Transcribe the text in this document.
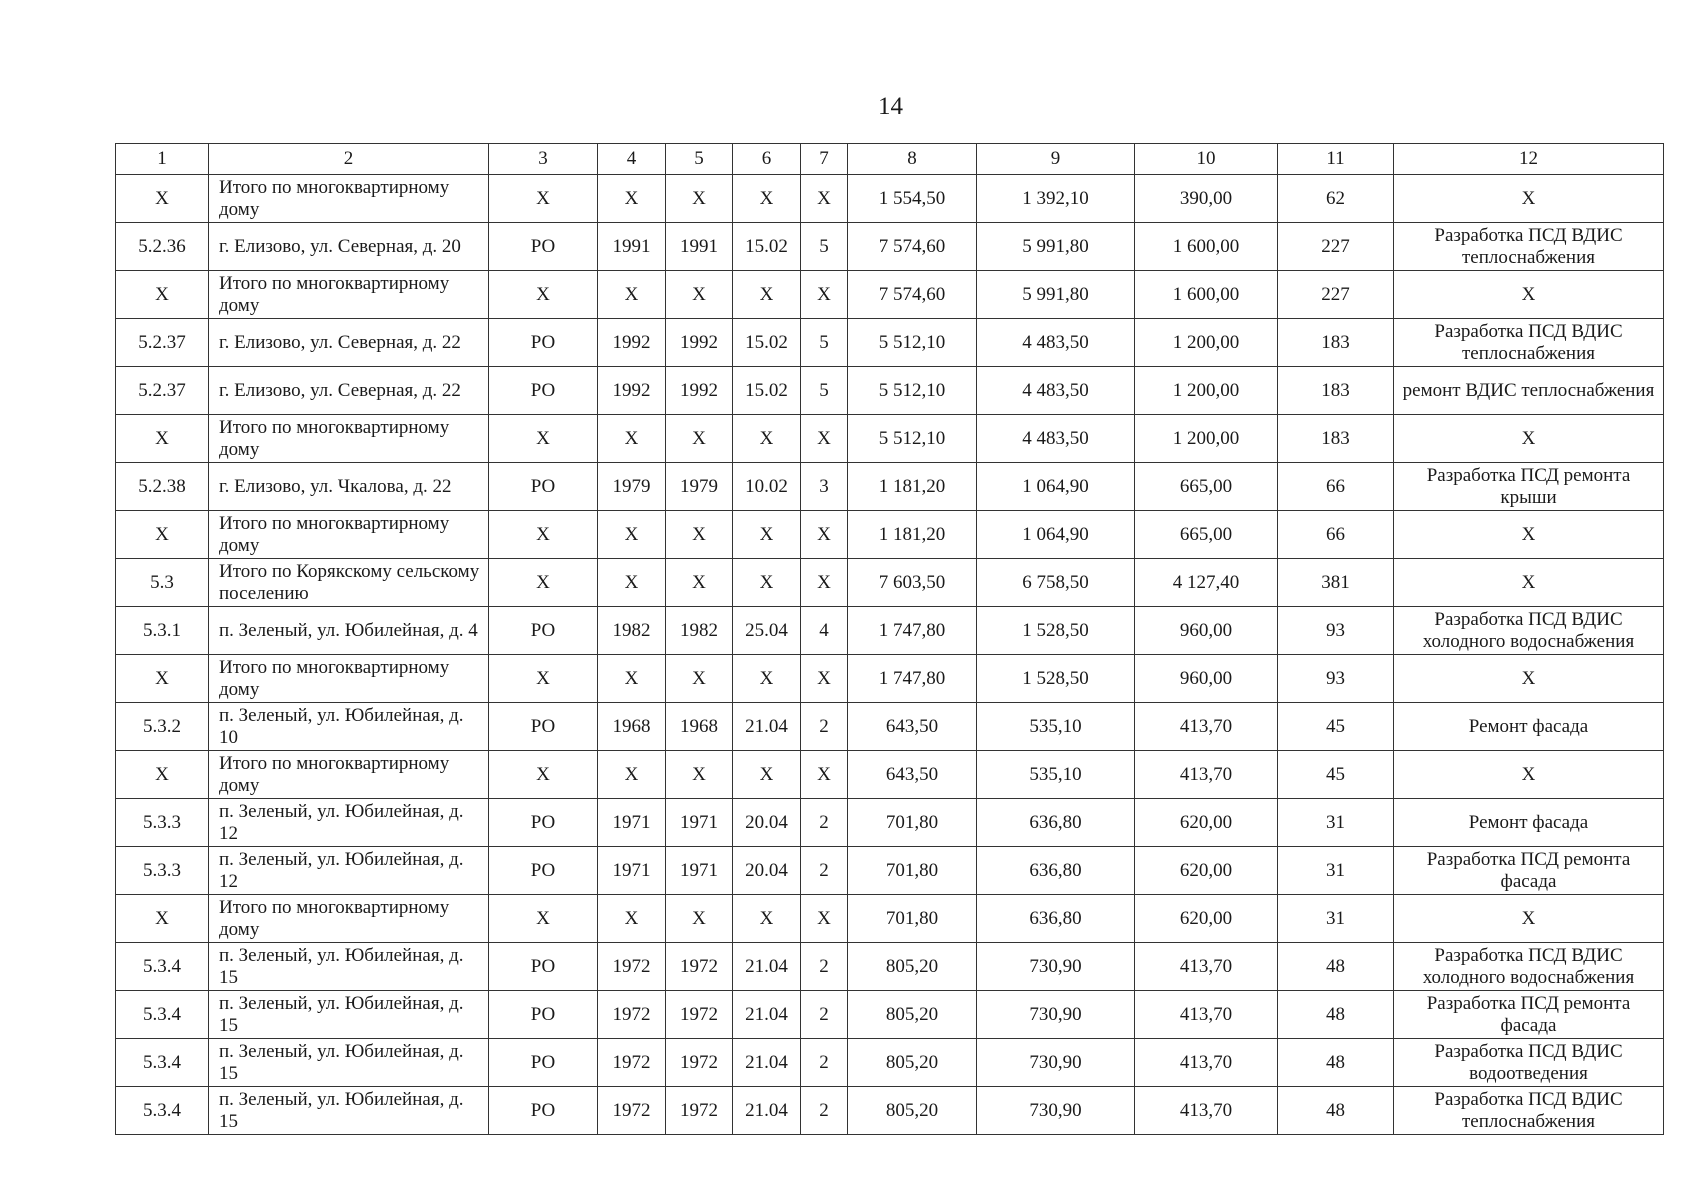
14
1	2	3	4	5	6	7	8	9	10	11	12
Х	Итого по многоквартирному дому	Х	Х	Х	Х	Х	1 554,50	1 392,10	390,00	62	Х
5.2.36	г. Елизово, ул. Северная, д. 20	РО	1991	1991	15.02	5	7 574,60	5 991,80	1 600,00	227	Разработка ПСД ВДИС теплоснабжения
Х	Итого по многоквартирному дому	Х	Х	Х	Х	Х	7 574,60	5 991,80	1 600,00	227	Х
5.2.37	г. Елизово, ул. Северная, д. 22	РО	1992	1992	15.02	5	5 512,10	4 483,50	1 200,00	183	Разработка ПСД ВДИС теплоснабжения
5.2.37	г. Елизово, ул. Северная, д. 22	РО	1992	1992	15.02	5	5 512,10	4 483,50	1 200,00	183	ремонт ВДИС теплоснабжения
Х	Итого по многоквартирному дому	Х	Х	Х	Х	Х	5 512,10	4 483,50	1 200,00	183	Х
5.2.38	г. Елизово, ул. Чкалова, д. 22	РО	1979	1979	10.02	3	1 181,20	1 064,90	665,00	66	Разработка ПСД ремонта крыши
Х	Итого по многоквартирному дому	Х	Х	Х	Х	Х	1 181,20	1 064,90	665,00	66	Х
5.3	Итого по Корякскому сельскому поселению	Х	Х	Х	Х	Х	7 603,50	6 758,50	4 127,40	381	Х
5.3.1	п. Зеленый, ул. Юбилейная, д. 4	РО	1982	1982	25.04	4	1 747,80	1 528,50	960,00	93	Разработка ПСД ВДИС холодного водоснабжения
Х	Итого по многоквартирному дому	Х	Х	Х	Х	Х	1 747,80	1 528,50	960,00	93	Х
5.3.2	п. Зеленый, ул. Юбилейная, д. 10	РО	1968	1968	21.04	2	643,50	535,10	413,70	45	Ремонт фасада
Х	Итого по многоквартирному дому	Х	Х	Х	Х	Х	643,50	535,10	413,70	45	Х
5.3.3	п. Зеленый, ул. Юбилейная, д. 12	РО	1971	1971	20.04	2	701,80	636,80	620,00	31	Ремонт фасада
5.3.3	п. Зеленый, ул. Юбилейная, д. 12	РО	1971	1971	20.04	2	701,80	636,80	620,00	31	Разработка ПСД ремонта фасада
Х	Итого по многоквартирному дому	Х	Х	Х	Х	Х	701,80	636,80	620,00	31	Х
5.3.4	п. Зеленый, ул. Юбилейная, д. 15	РО	1972	1972	21.04	2	805,20	730,90	413,70	48	Разработка ПСД ВДИС холодного водоснабжения
5.3.4	п. Зеленый, ул. Юбилейная, д. 15	РО	1972	1972	21.04	2	805,20	730,90	413,70	48	Разработка ПСД ремонта фасада
5.3.4	п. Зеленый, ул. Юбилейная, д. 15	РО	1972	1972	21.04	2	805,20	730,90	413,70	48	Разработка ПСД ВДИС водоотведения
5.3.4	п. Зеленый, ул. Юбилейная, д. 15	РО	1972	1972	21.04	2	805,20	730,90	413,70	48	Разработка ПСД ВДИС теплоснабжения
